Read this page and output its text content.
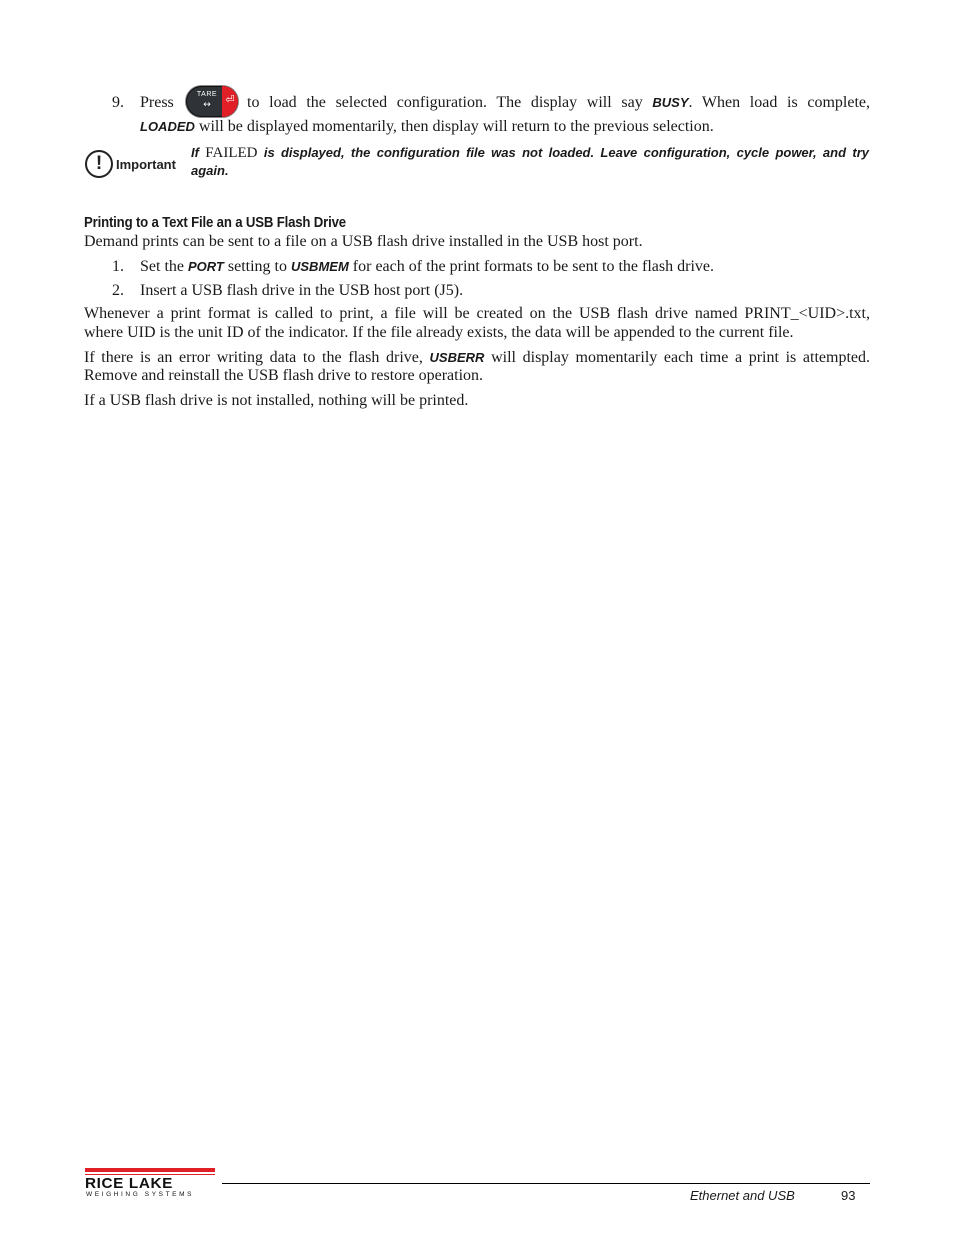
9. Press	TARE
↔ ⏎ to load the selected configuration. The display will say BUSY. When load is complete,
LOADED will be displayed momentarily, then display will return to the previous selection.
!	Important
If FAILED is displayed, the configuration file was not loaded. Leave configuration, cycle power, and try
again.
Printing to a Text File an a USB Flash Drive
Demand prints can be sent to a file on a USB flash drive installed in the USB host port.
1. Set the PORT setting to USBMEM for each of the print formats to be sent to the flash drive.
2. Insert a USB flash drive in the USB host port (J5).
Whenever a print format is called to print, a file will be created on the USB flash drive named PRINT_<UID>.txt,
where UID is the unit ID of the indicator. If the file already exists, the data will be appended to the current file.
If there is an error writing data to the flash drive, USBERR will display momentarily each time a print is attempted.
Remove and reinstall the USB flash drive to restore operation.
If a USB flash drive is not installed, nothing will be printed.
RICE LAKE
WEIGHING SYSTEMS	Ethernet and USB	93
